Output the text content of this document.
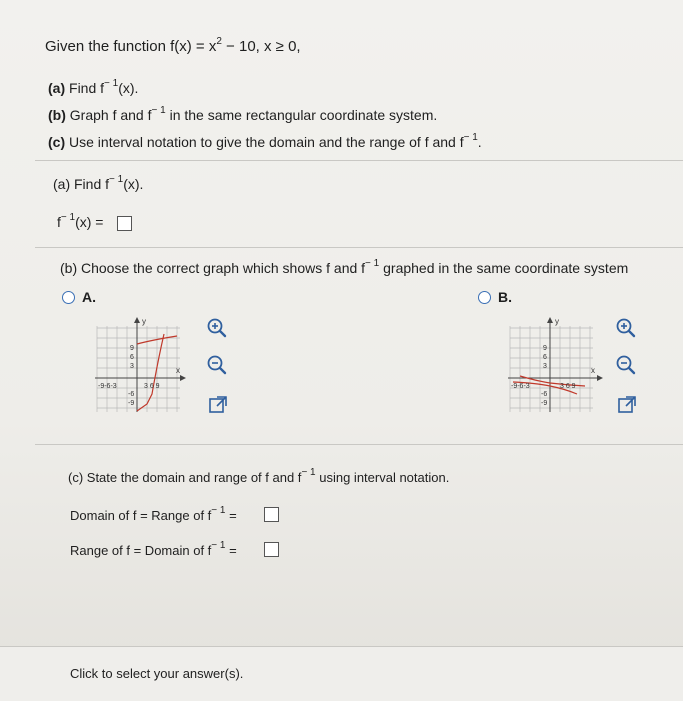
Given the function $f(x) = x^2 - 10$, x ≥ 0,
(a) Find $f^{- 1}(x)$.
(b) Graph f and $f^{- 1}$ in the same rectangular coordinate system.
(c) Use interval notation to give the domain and the range of f and $f^{- 1}$.
(a) Find $f^{- 1}(x)$.
$f^{- 1}(x)$ =
(b) Choose the correct graph which shows f and $f^{- 1}$ graphed in the same coordinate system
A.	B.
y
x
9
6
3
-9-6-3	3 6 9
-6
-9
y
x
9
6
3
-9-6-3	3 6 9
-6
-9
(c) State the domain and range of f and $f^{- 1}$ using interval notation.
Domain of f = Range of $f^{- 1}$ =
Range of f = Domain of $f^{- 1}$ =
Click to select your answer(s).
